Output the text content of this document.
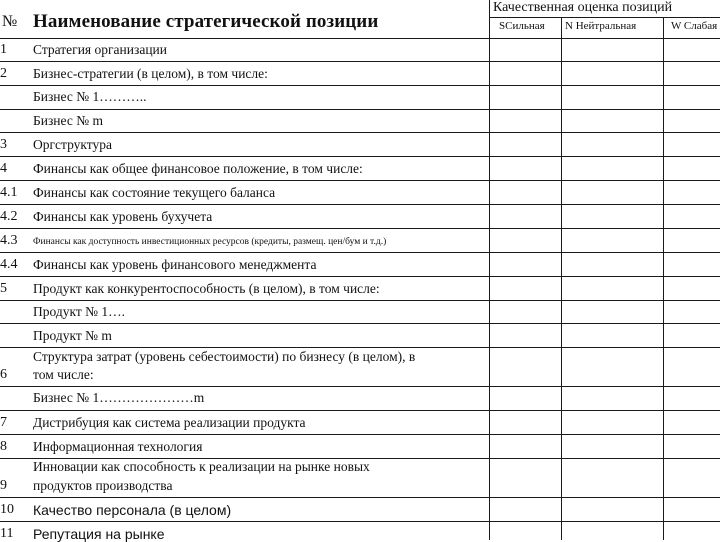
№ Наименование стратегической позиции
Качественная оценка позиций
SСильная N Нейтральная	W Слабая
1 Стратегия организации
2 Бизнес-стратегии (в целом), в том числе:
Бизнес № 1………..
Бизнес № m
3 Оргструктура
4 Финансы как общее финансовое положение, в том числе:
4.1 Финансы как состояние текущего баланса
4.2 Финансы как уровень бухучета
4.3 Финансы как доступность инвестиционных ресурсов (кредиты, размещ. цен/бум и т.д.)
4.4 Финансы как уровень финансового менеджмента
5 Продукт как конкурентоспособность (в целом), в том числе:
Продукт № 1….
Продукт № m
6
Структура затрат (уровень себестоимости) по бизнесу (в целом), в
том числе:
Бизнес № 1…………………m
7 Дистрибуция как система реализации продукта
8 Информационная технология
9
Инновации как способность к реализации на рынке новых
продуктов производства
10 Качество персонала (в целом)
11 Репутация на рынке
